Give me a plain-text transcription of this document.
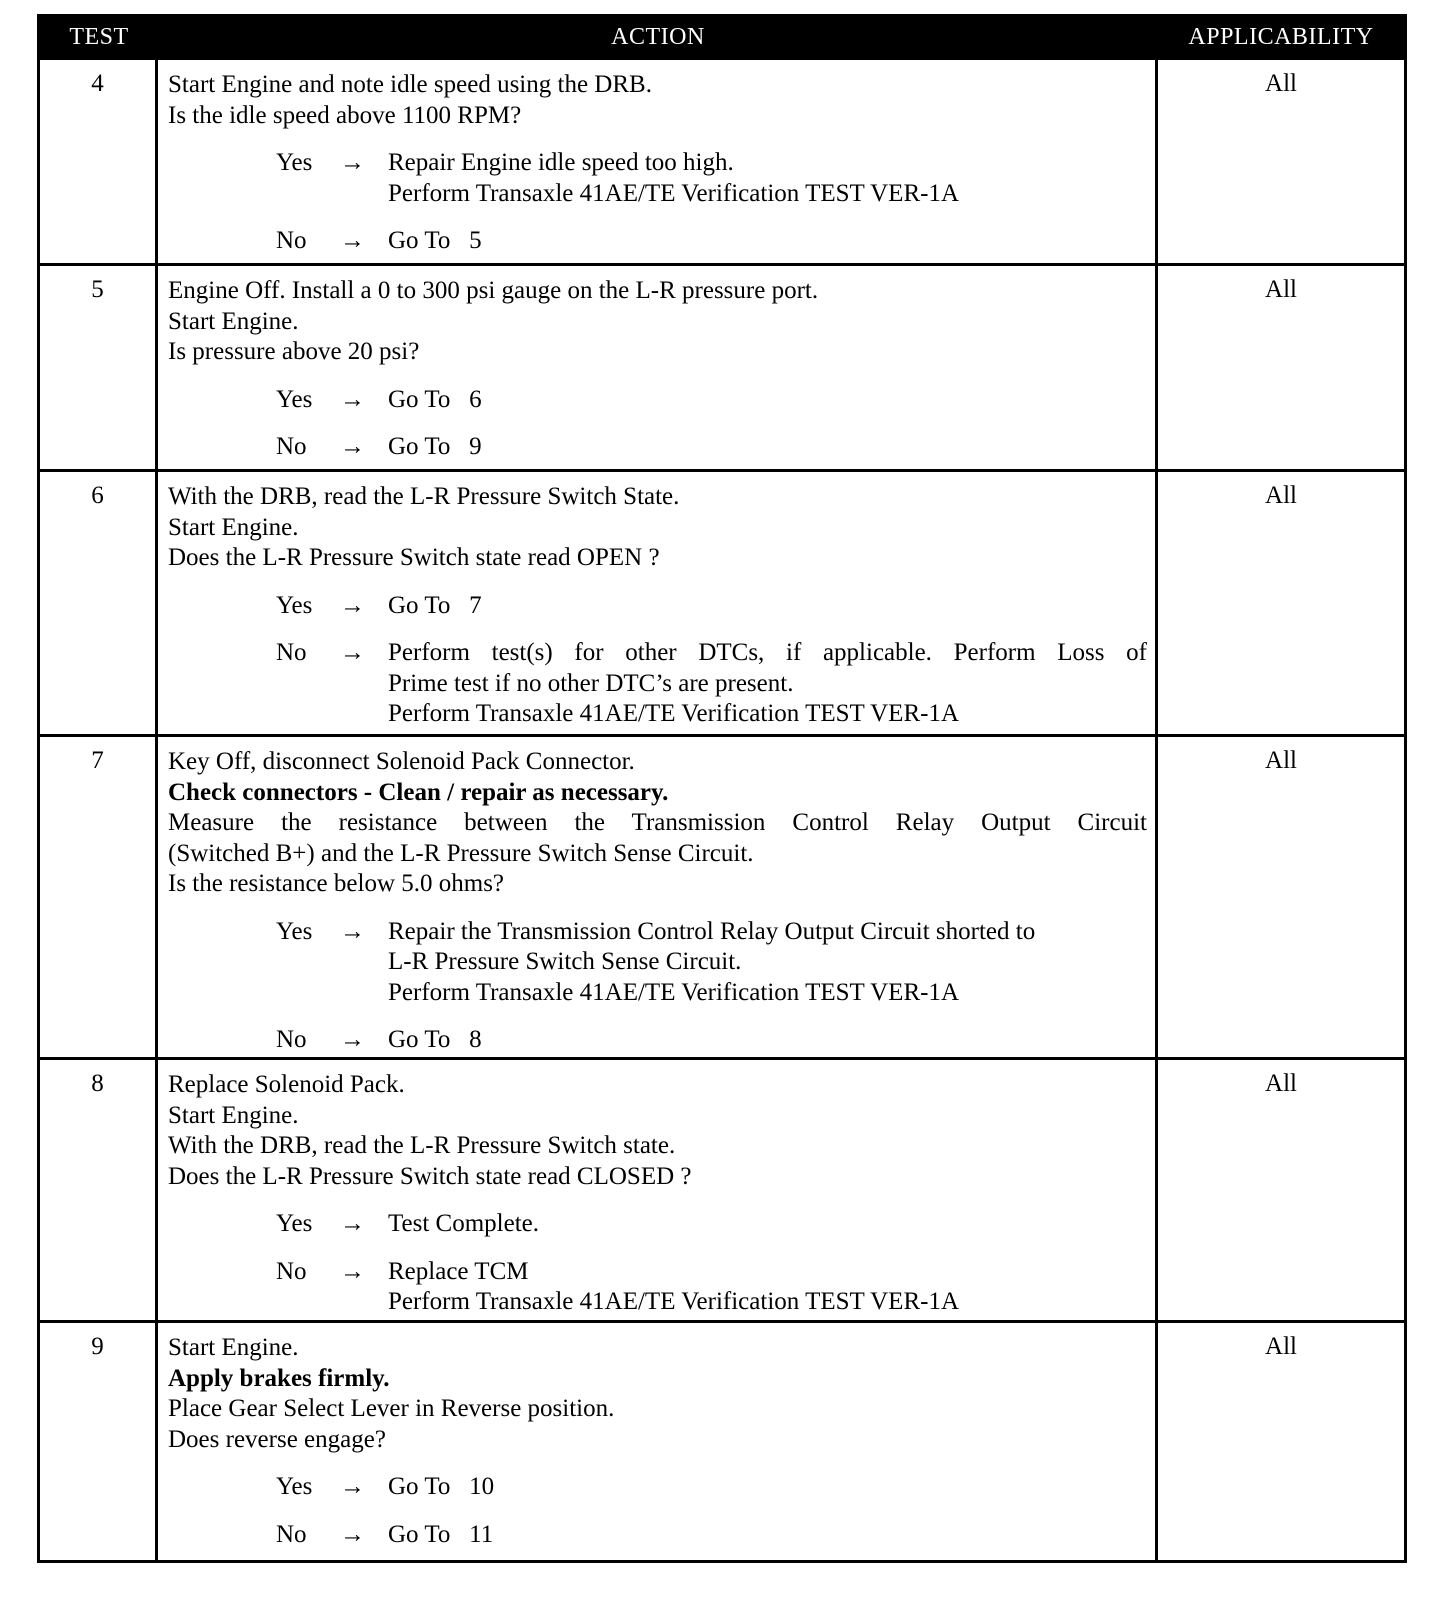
TEST	ACTION	APPLICABILITY
4	Start Engine and note idle speed using the DRB.
Is the idle speed above 1100 RPM?
Yes	→ Repair Engine idle speed too high.
Perform Transaxle 41AE/TE Verification TEST VER-1A
No	→ Go To   5
All
5	Engine Off. Install a 0 to 300 psi gauge on the L-R pressure port.
Start Engine.
Is pressure above 20 psi?
Yes	→ Go To   6
No	→ Go To   9
All
6	With the DRB, read the L-R Pressure Switch State.
Start Engine.
Does the L-R Pressure Switch state read OPEN ?
Yes	→ Go To   7
No	→ Perform test(s) for other DTCs, if applicable. Perform Loss of
Prime test if no other DTC’s are present.
Perform Transaxle 41AE/TE Verification TEST VER-1A
All
7	Key Off, disconnect Solenoid Pack Connector.
Check connectors - Clean / repair as necessary.
Measure the resistance between the Transmission Control Relay Output Circuit
(Switched B+) and the L-R Pressure Switch Sense Circuit.
Is the resistance below 5.0 ohms?
Yes	→ Repair the Transmission Control Relay Output Circuit shorted to
L-R Pressure Switch Sense Circuit.
Perform Transaxle 41AE/TE Verification TEST VER-1A
No	→ Go To   8
All
8	Replace Solenoid Pack.
Start Engine.
With the DRB, read the L-R Pressure Switch state.
Does the L-R Pressure Switch state read CLOSED ?
Yes	→ Test Complete.
No	→ Replace TCM
Perform Transaxle 41AE/TE Verification TEST VER-1A
All
9	Start Engine.
Apply brakes firmly.
Place Gear Select Lever in Reverse position.
Does reverse engage?
Yes	→ Go To   10
No	→ Go To   11
All
